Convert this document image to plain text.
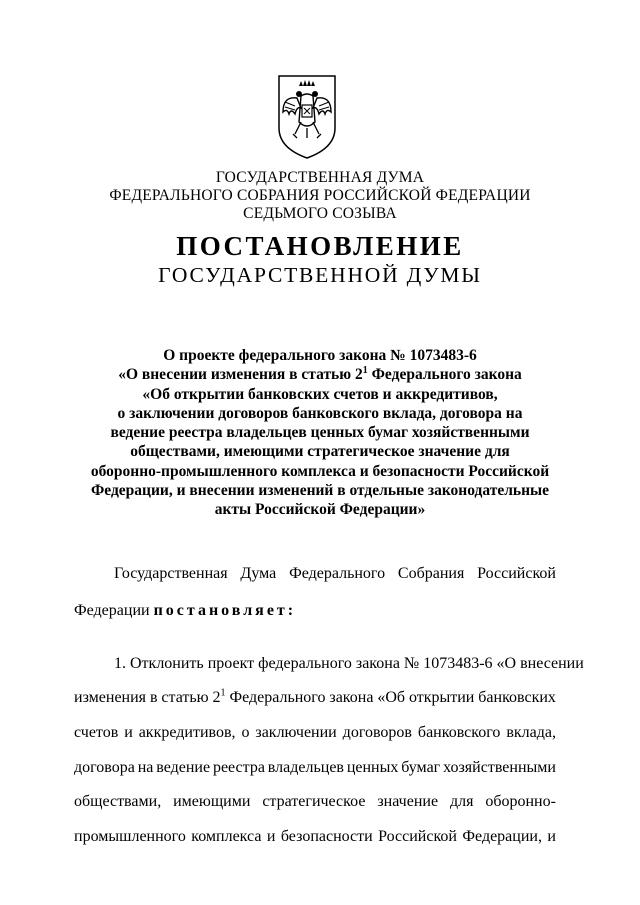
ГОСУДАРСТВЕННАЯ ДУМА
ФЕДЕРАЛЬНОГО СОБРАНИЯ РОССИЙСКОЙ ФЕДЕРАЦИИ
СЕДЬМОГО СОЗЫВА
ПОСТАНОВЛЕНИЕ
ГОСУДАРСТВЕННОЙ ДУМЫ
О проекте федерального закона № 1073483-6
«О внесении изменения в статью $2^1$ Федерального закона
«Об открытии банковских счетов и аккредитивов,
о заключении договоров банковского вклада, договора на
ведение реестра владельцев ценных бумаг хозяйственными
обществами, имеющими стратегическое значение для
оборонно-промышленного комплекса и безопасности Российской
Федерации, и внесении изменений в отдельные законодательные
акты Российской Федерации»
Государственная Дума Федерального Собрания Российской
Федерации постановляет:
1. Отклонить проект федерального закона № 1073483-6 «О внесении
изменения в статью $2^1$ Федерального закона «Об открытии банковских
счетов и аккредитивов, о заключении договоров банковского вклада,
договора на ведение реестра владельцев ценных бумаг хозяйственными
обществами, имеющими стратегическое значение для оборонно-
промышленного комплекса и безопасности Российской Федерации, и
